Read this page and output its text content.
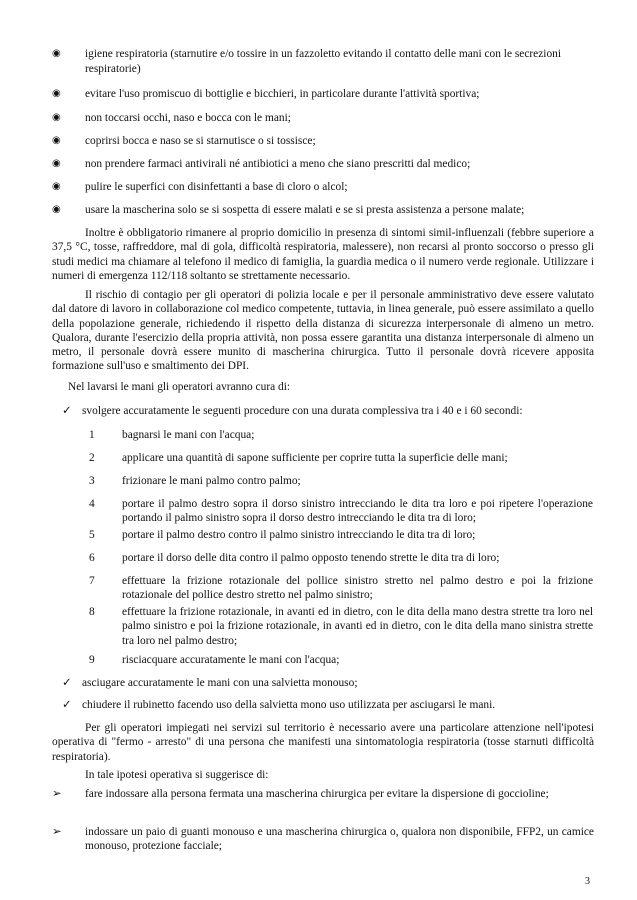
◉ igiene respiratoria (starnutire e/o tossire in un fazzoletto evitando il contatto delle mani con le secrezioni respiratorie)
◉ evitare l'uso promiscuo di bottiglie e bicchieri, in particolare durante l'attività sportiva;
◉ non toccarsi occhi, naso e bocca con le mani;
◉ coprirsi bocca e naso se si starnutisce o si tossisce;
◉ non prendere farmaci antivirali né antibiotici a meno che siano prescritti dal medico;
◉ pulire le superfici con disinfettanti a base di cloro o alcol;
◉ usare la mascherina solo se si sospetta di essere malati e se si presta assistenza a persone malate;
Inoltre è obbligatorio rimanere al proprio domicilio in presenza di sintomi simil-influenzali (febbre superiore a 37,5 °C, tosse, raffreddore, mal di gola, difficoltà respiratoria, malessere), non recarsi al pronto soccorso o presso gli studi medici ma chiamare al telefono il medico di famiglia, la guardia medica o il numero verde regionale. Utilizzare i numeri di emergenza 112/118 soltanto se strettamente necessario.
Il rischio di contagio per gli operatori di polizia locale e per il personale amministrativo deve essere valutato dal datore di lavoro in collaborazione col medico competente, tuttavia, in linea generale, può essere assimilato a quello della popolazione generale, richiedendo il rispetto della distanza di sicurezza interpersonale di almeno un metro. Qualora, durante l'esercizio della propria attività, non possa essere garantita una distanza interpersonale di almeno un metro, il personale dovrà essere munito di mascherina chirurgica. Tutto il personale dovrà ricevere apposita formazione sull'uso e smaltimento dei DPI.
Nel lavarsi le mani gli operatori avranno cura di:
✓ svolgere accuratamente le seguenti procedure con una durata complessiva tra i 40 e i 60 secondi:
1 bagnarsi le mani con l'acqua;
2 applicare una quantità di sapone sufficiente per coprire tutta la superficie delle mani;
3 frizionare le mani palmo contro palmo;
4 portare il palmo destro sopra il dorso sinistro intrecciando le dita tra loro e poi ripetere l'operazione portando il palmo sinistro sopra il dorso destro intrecciando le dita tra di loro;
5 portare il palmo destro contro il palmo sinistro intrecciando le dita tra di loro;
6 portare il dorso delle dita contro il palmo opposto tenendo strette le dita tra di loro;
7 effettuare la frizione rotazionale del pollice sinistro stretto nel palmo destro e poi la frizione rotazionale del pollice destro stretto nel palmo sinistro;
8 effettuare la frizione rotazionale, in avanti ed in dietro, con le dita della mano destra strette tra loro nel palmo sinistro e poi la frizione rotazionale, in avanti ed in dietro, con le dita della mano sinistra strette tra loro nel palmo destro;
9 risciacquare accuratamente le mani con l'acqua;
✓ asciugare accuratamente le mani con una salvietta monouso;
✓ chiudere il rubinetto facendo uso della salvietta mono uso utilizzata per asciugarsi le mani.
Per gli operatori impiegati nei servizi sul territorio è necessario avere una particolare attenzione nell'ipotesi operativa di "fermo - arresto" di una persona che manifesti una sintomatologia respiratoria (tosse starnuti difficoltà respiratoria).
In tale ipotesi operativa si suggerisce di:
➢ fare indossare alla persona fermata una mascherina chirurgica per evitare la dispersione di goccioline;
➢ indossare un paio di guanti monouso e una mascherina chirurgica o, qualora non disponibile, FFP2, un camice monouso, protezione facciale;
3
